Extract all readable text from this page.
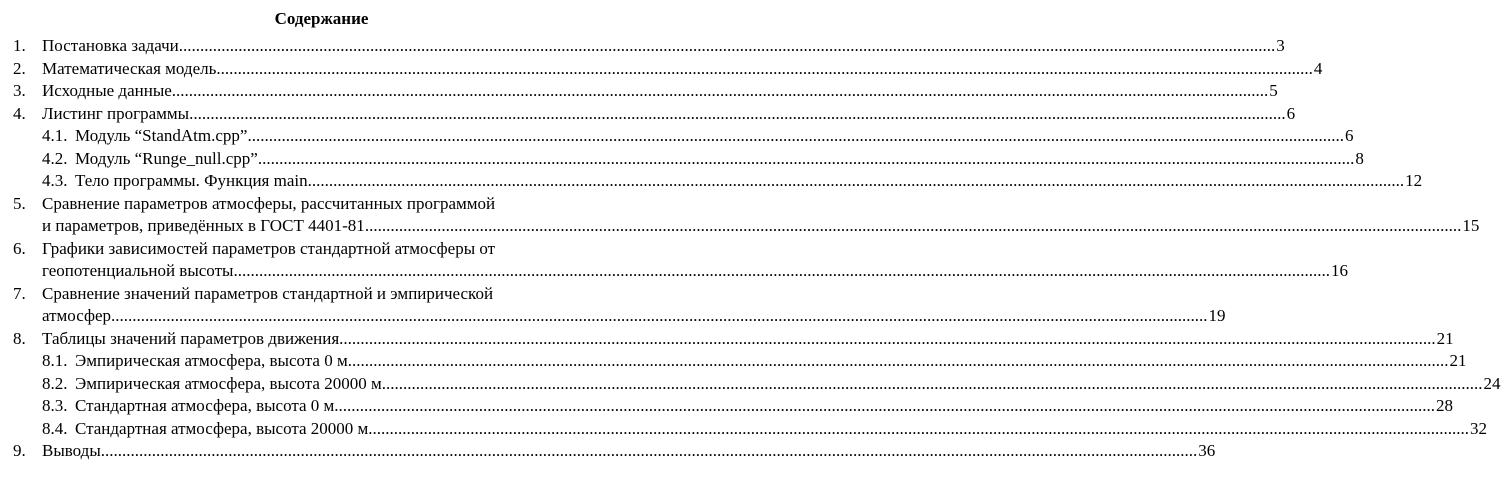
Содержание
1. Постановка задачи .....	3
2. Математическая модель .....	4
3. Исходные данные .....	5
4. Листинг программы .....	6
4.1. Модуль “StandAtm.cpp” .....	6
4.2. Модуль “Runge_null.cpp” .....	8
4.3. Тело программы. Функция main .....	12
5. Сравнение параметров атмосферы, рассчитанных программой
и параметров, приведённых в ГОСТ 4401-81 .....	15
6. Графики зависимостей параметров стандартной атмосферы от
геопотенциальной высоты .....	16
7. Сравнение значений параметров стандартной и эмпирической
атмосфер .....	19
8. Таблицы значений параметров движения .....	21
8.1. Эмпирическая атмосфера, высота 0 м. .....	21
8.2. Эмпирическая атмосфера, высота 20000 м. .....	24
8.3. Стандартная атмосфера, высота 0 м. .....	28
8.4. Стандартная атмосфера, высота 20000 м. .....	32
9. Выводы .....	36
